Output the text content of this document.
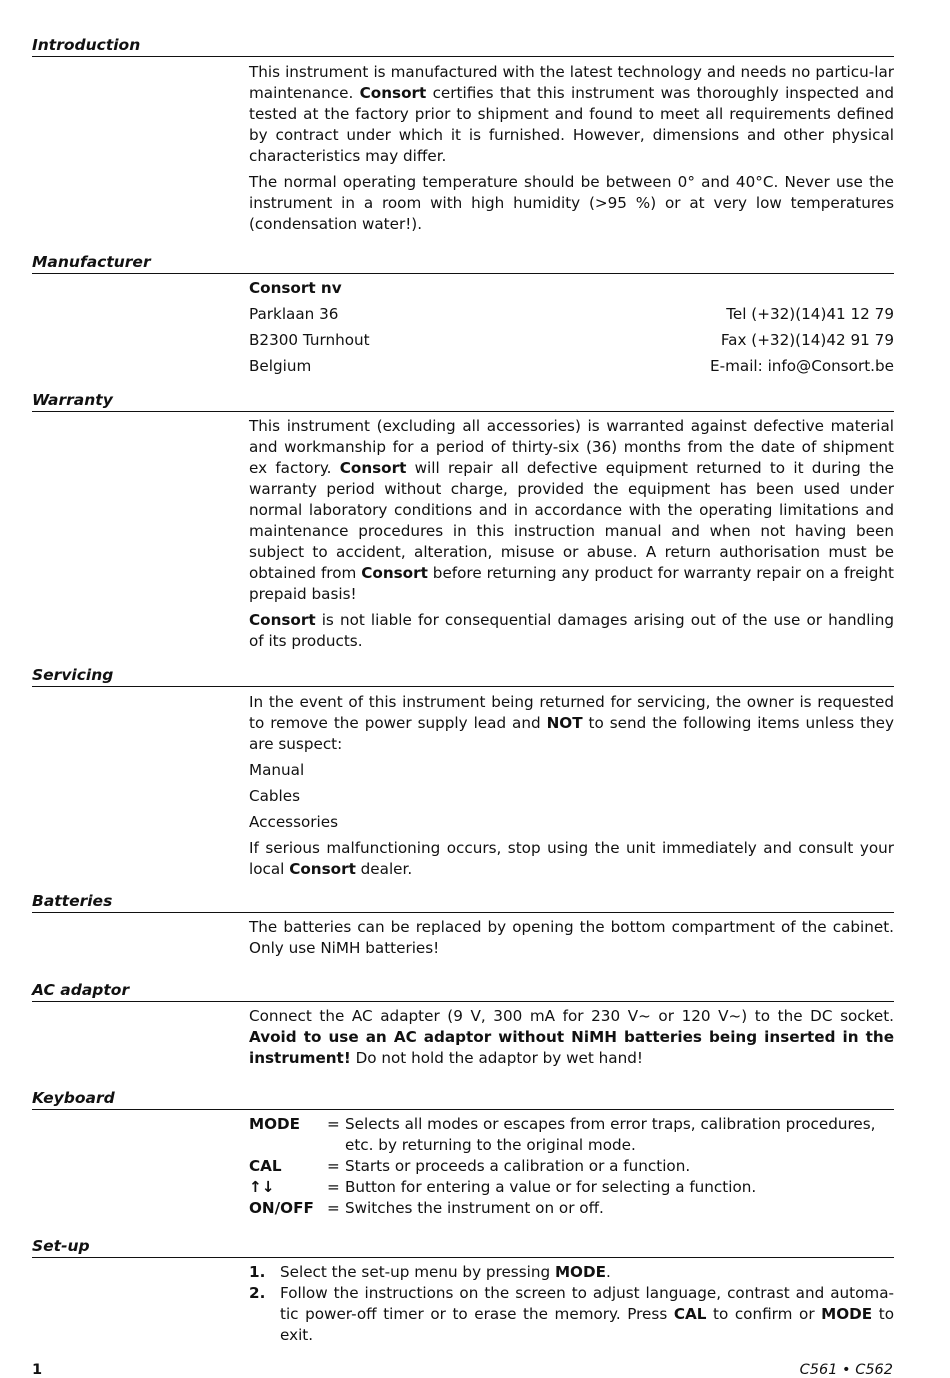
Introduction

This instrument is manufactured with the latest technology and needs no particu-lar maintenance. Consort certifies that this instrument was thoroughly inspected and tested at the factory prior to shipment and found to meet all requirements defined by contract under which it is furnished. However, dimensions and other physical characteristics may differ.

The normal operating temperature should be between 0° and 40°C. Never use the instrument in a room with high humidity (>95 %) or at very low temperatures (condensation water!).

Manufacturer
Consort nv
Parklaan 36	Tel (+32)(14)41 12 79
B2300 Turnhout	Fax (+32)(14)42 91 79
Belgium	E-mail: info@Consort.be
Warranty

This instrument (excluding all accessories) is warranted against defective material and workmanship for a period of thirty-six (36) months from the date of shipment ex factory. Consort will repair all defective equipment returned to it during the warranty period without charge, provided the equipment has been used under normal laboratory conditions and in accordance with the operating limitations and maintenance procedures in this instruction manual and when not having been subject to accident, alteration, misuse or abuse. A return authorisation must be obtained from Consort before returning any product for warranty repair on a freight prepaid basis!

Consort is not liable for consequential damages arising out of the use or handling of its products.

Servicing

In the event of this instrument being returned for servicing, the owner is requested to remove the power supply lead and NOT to send the following items unless they are suspect:

Manual
Cables
Accessories

If serious malfunctioning occurs, stop using the unit immediately and consult your local Consort dealer.

Batteries

The batteries can be replaced by opening the bottom compartment of the cabinet. Only use NiMH batteries!

AC adaptor

Connect the AC adapter (9 V, 300 mA for 230 V~ or 120 V~) to the DC socket. Avoid to use an AC adaptor without NiMH batteries being inserted in the instrument! Do not hold the adaptor by wet hand!

Keyboard
MODE	= Selects all modes or escapes from error traps, calibration procedures, etc. by returning to the original mode.
CAL	= Starts or proceeds a calibration or a function.
↑↓	= Button for entering a value or for selecting a function.
ON/OFF = Switches the instrument on or off.
Set-up
1. Select the set-up menu by pressing MODE.
2. Follow the instructions on the screen to adjust language, contrast and automa-tic power-off timer or to erase the memory. Press CAL to confirm or MODE to exit.
1	C561 • C562
